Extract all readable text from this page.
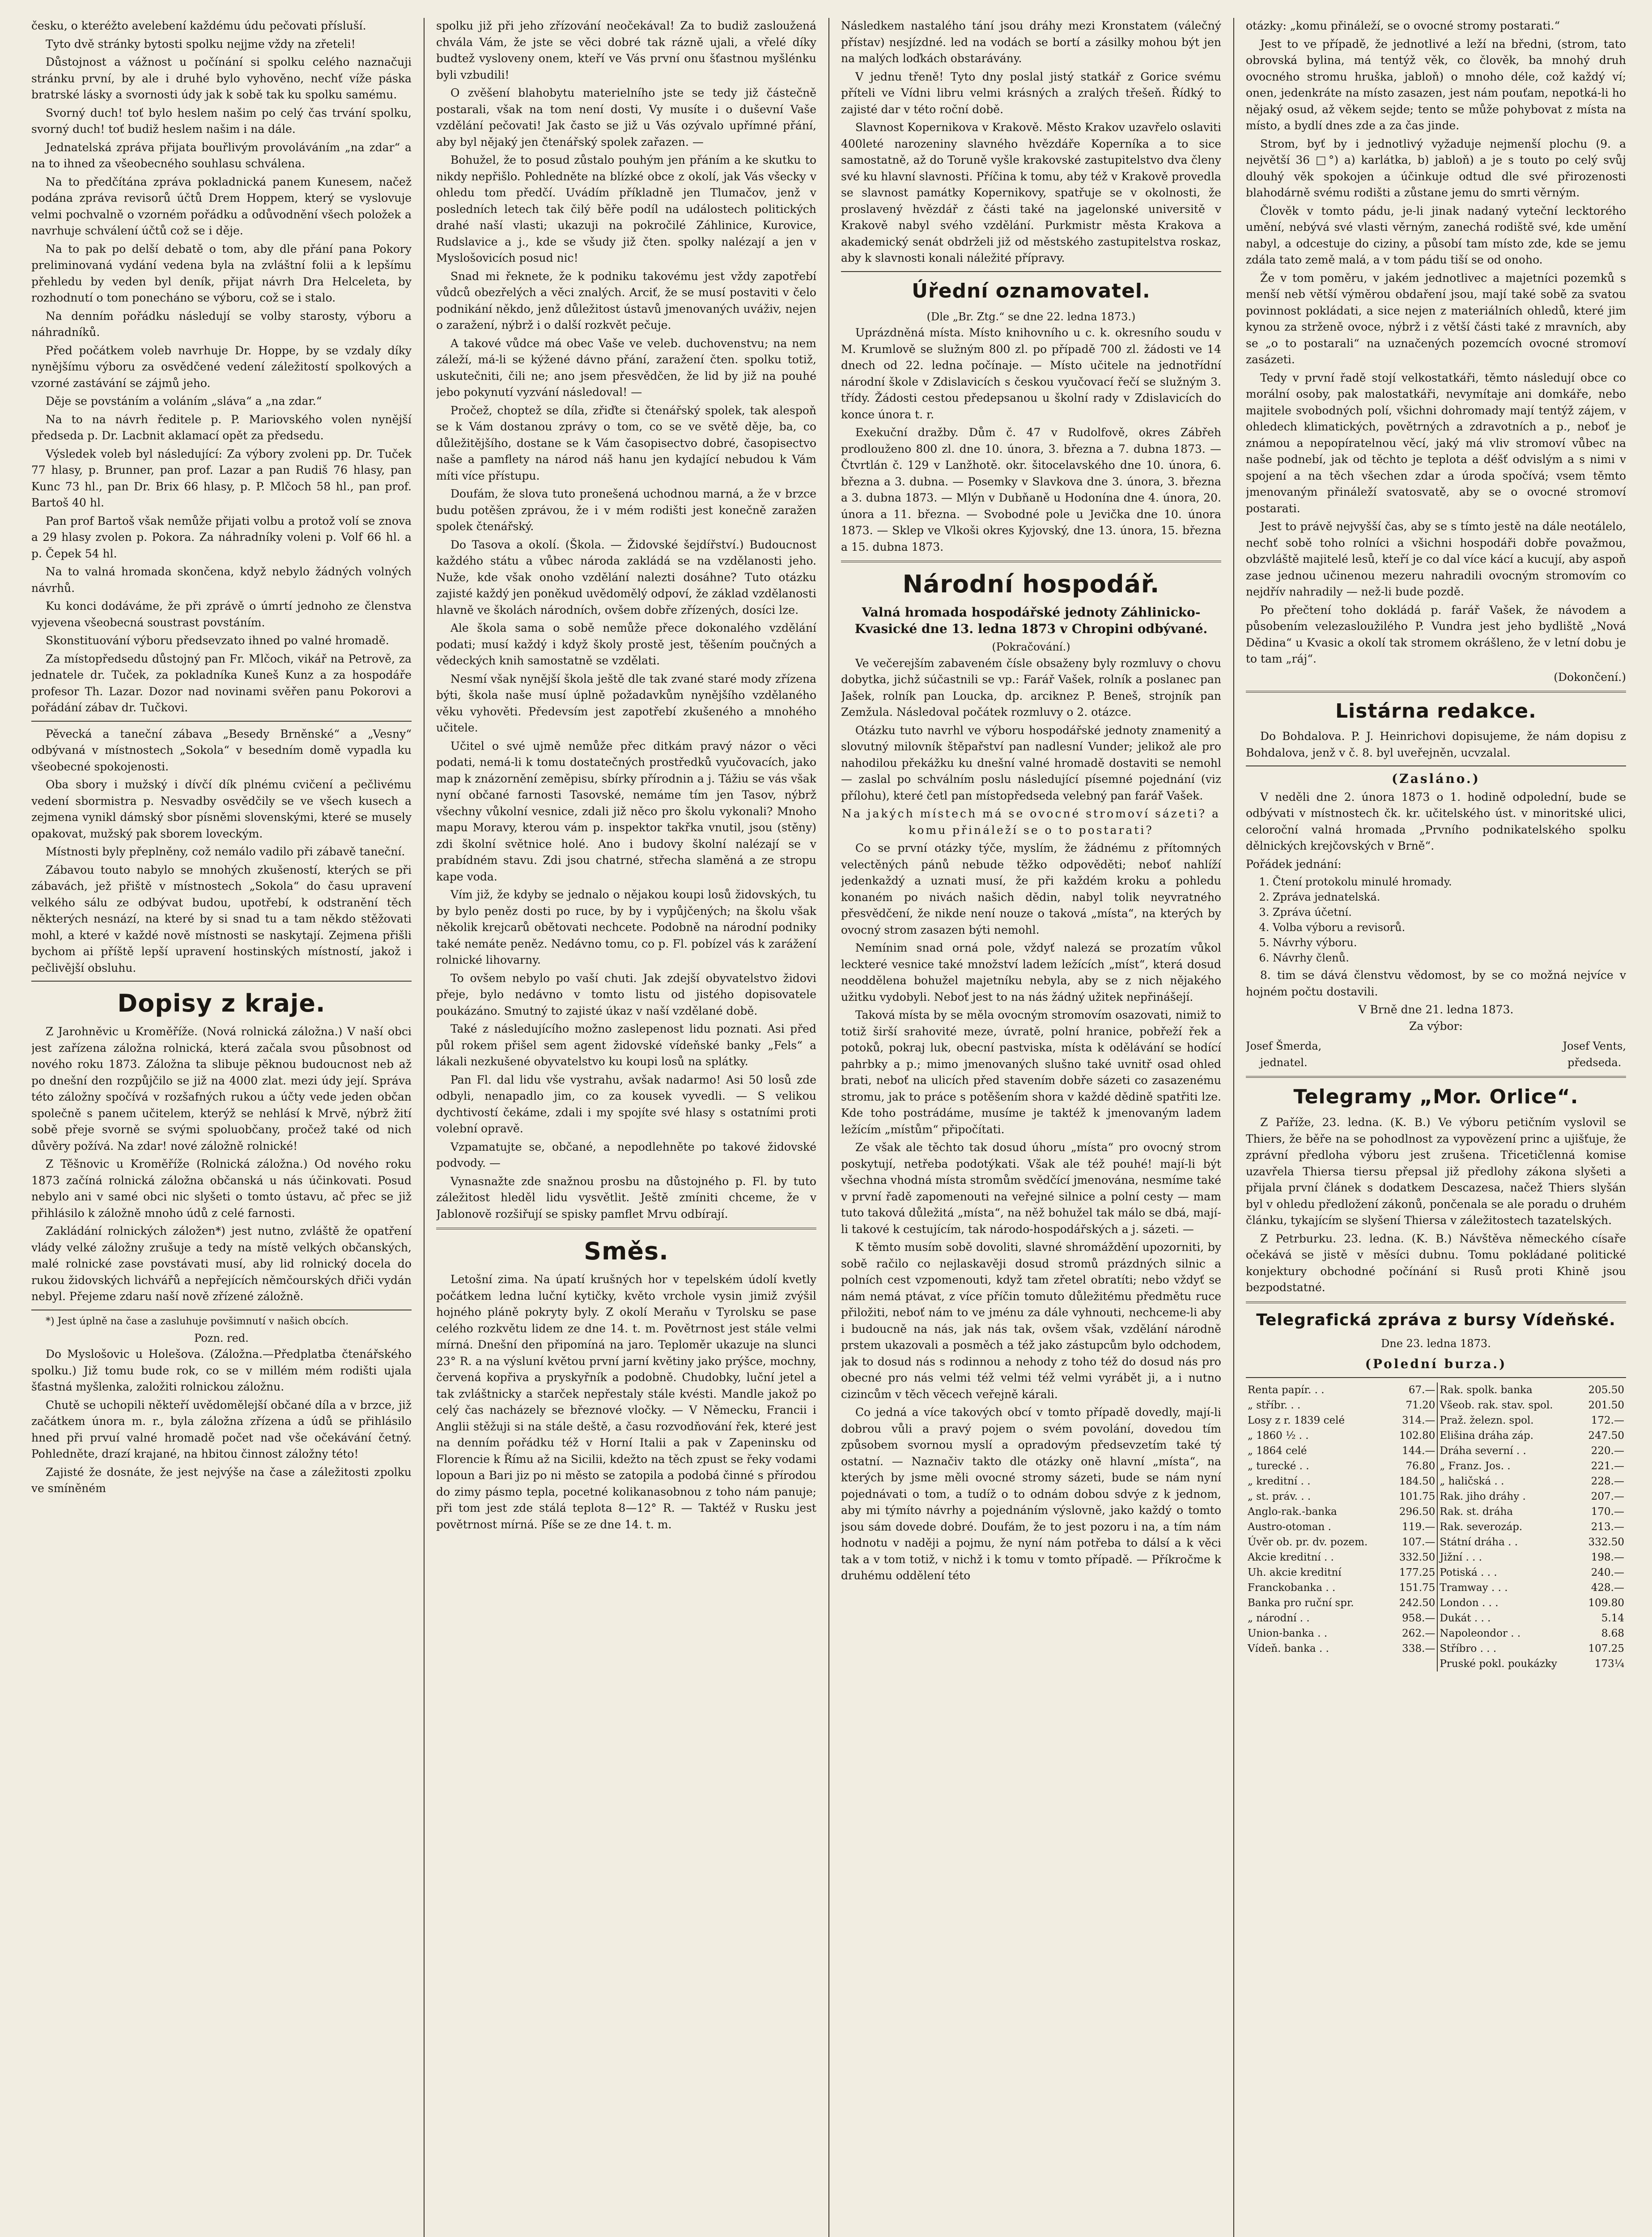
česku, o kteréžto avelebení každému údu pečovati přísluší.

Tyto dvě stránky bytosti spolku nejjme vždy na zřeteli!

Důstojnost a vážnost u počínání si spolku celého naznačuji stránku první, by ale i druhé bylo vyhověno, nechť víže páska bratrské lásky a svornosti údy jak k sobě tak ku spolku samému.

Svorný duch! toť bylo heslem našim po celý čas trvání spolku, svorný duch! toť budiž heslem našim i na dále.

Jednatelská zpráva přijata bouřlivým provoláváním „na zdar“ a na to ihned za všeobecného souhlasu schválena.

Na to předčítána zpráva pokladnická panem Kunesem, načež podána zpráva revisorů účtů Drem Hoppem, který se vyslovuje velmi pochvalně o vzorném pořádku a odůvodnění všech položek a navrhuje schválení účtů což se i děje.

Na to pak po delší debatě o tom, aby dle přání pana Pokory preliminovaná vydání vedena byla na zvláštní folii a k lepšímu přehledu by veden byl deník, přijat návrh Dra Helceleta, by rozhodnutí o tom ponecháno se výboru, což se i stalo.

Na denním pořádku následují se volby starosty, výboru a náhradníků.

Před počátkem voleb navrhuje Dr. Hoppe, by se vzdaly díky nynějšímu výboru za osvědčené vedení záležitostí spolkových a vzorné zastávání se zájmů jeho.

Děje se povstáním a voláním „sláva“ a „na zdar.“

Na to na návrh ředitele p. P. Mariovského volen nynější předseda p. Dr. Lacbnit aklamací opět za předsedu.

Výsledek voleb byl následující: Za výbory zvoleni pp. Dr. Tuček 77 hlasy, p. Brunner, pan prof. Lazar a pan Rudiš 76 hlasy, pan Kunc 73 hl., pan Dr. Brix 66 hlasy, p. P. Mlčoch 58 hl., pan prof. Bartoš 40 hl.

Pan prof Bartoš však nemůže přijati volbu a protož volí se znova a 29 hlasy zvolen p. Pokora. Za náhradníky voleni p. Volf 66 hl. a p. Čepek 54 hl.

Na to valná hromada skončena, když nebylo žádných volných návrhů.

Ku konci dodáváme, že při zprávě o úmrtí jednoho ze členstva vyjevena všeobecná soustrast povstáním.

Skonstituování výboru předsevzato ihned po valné hromadě.

Za místopředsedu důstojný pan Fr. Mlčoch, vikář na Petrově, za jednatele dr. Tuček, za pokladníka Kuneš Kunz a za hospodáře profesor Th. Lazar. Dozor nad novinami svěřen panu Pokorovi a pořádání zábav dr. Tučkovi.

Pěvecká a taneční zábava „Besedy Brněnské“ a „Vesny“ odbývaná v místnostech „Sokola“ v besedním domě vypadla ku všeobecné spokojenosti.

Oba sbory i mužský i dívčí dík plnému cvičení a pečlivému vedení sbormistra p. Nesvadby osvědčily se ve všech kusech a zejmena vynikl dámský sbor písněmi slovenskými, které se musely opakovat, mužský pak sborem loveckým.

Místnosti byly přeplněny, což nemálo vadilo při zábavě taneční.

Zábavou touto nabylo se mnohých zkušeností, kterých se při zábavách, jež přiště v místnostech „Sokola“ do času upravení velkého sálu ze odbývat budou, upotřebí, k odstranění těch některých nesnází, na které by si snad tu a tam někdo stěžovati mohl, a které v každé nově místnosti se naskytají. Zejmena přišli bychom ai příště lepší upravení hostinských místností, jakož i pečlivější obsluhu.

Dopisy z kraje.

Z Jarohněvic u Kroměříže. (Nová rolnická záložna.) V naší obci jest zařízena záložna rolnická, která začala svou působnost od nového roku 1873. Záložna ta slibuje pěknou budoucnost neb až po dnešní den rozpůjčilo se již na 4000 zlat. mezi údy její. Správa této záložny spočívá v rozšafných rukou a účty vede jeden občan společně s panem učitelem, kterýž se nehlásí k Mrvě, nýbrž žití sobě přeje svorně se svými spoluobčany, pročež také od nich důvěry požívá. Na zdar! nové záložně rolnické!

Z Těšnovic u Kroměříže (Rolnická záložna.) Od nového roku 1873 začíná rolnická záložna občanská u nás účinkovati. Posud nebylo ani v samé obci nic slyšeti o tomto ústavu, ač přec se již přihlásilo k záložně mnoho údů z celé farnosti.

Zakládání rolnických záložen*) jest nutno, zvláště že opatření vlády velké záložny zrušuje a tedy na místě velkých občanských, malé rolnické zase povstávati musí, aby lid rolnický docela do rukou židovských lichvářů a nepřejících němčourských dřiči vydán nebyl. Přejeme zdaru naší nově zřízené záložně.

*) Jest úplně na čase a zasluhuje povšimnutí v našich obcích.

Pozn. red.

Do Myslošovic u Holešova. (Záložna.—Předplatba čtenářského spolku.) Již tomu bude rok, co se v millém mém rodišti ujala šťastná myšlenka, založiti rolnickou záložnu.

Chutě se uchopili někteří uvědomělejší občané díla a v brzce, již začátkem února m. r., byla záložna zřízena a údů se přihlásilo hned při prvuí valné hromadě počet nad vše očekávání četný. Pohledněte, drazí krajané, na hbitou činnost záložny této!

Zajisté že dosnáte, že jest nejvýše na čase a záležitosti zpolku ve smíněném

spolku již při jeho zřízování neočekával! Za to budiž zasloužená chvála Vám, že jste se věci dobré tak rázně ujali, a vřelé díky budtež vysloveny onem, kteří ve Vás první onu šťastnou myšlénku byli vzbudili!

O zvěšení blahobytu materielního jste se tedy již částečně postarali, však na tom není dosti, Vy musíte i o duševní Vaše vzdělání pečovati! Jak často se již u Vás ozývalo upřímné přání, aby byl nějaký jen čtenářský spolek zařazen. —

Bohužel, že to posud zůstalo pouhým jen přáním a ke skutku to nikdy nepřišlo. Pohledněte na blízké obce z okolí, jak Vás všecky v ohledu tom předčí. Uvádím příkladně jen Tlumačov, jenž v posledních letech tak čilý běře podíl na událostech politických drahé naší vlasti; ukazuji na pokročilé Záhlinice, Kurovice, Rudslavice a j., kde se všudy již čten. spolky nalézají a jen v Myslošovicích posud nic!

Snad mi řeknete, že k podniku takovému jest vždy zapotřebí vůdců obezřelých a věci znalých. Arciť, že se musí postaviti v čelo podnikání někdo, jenž důležitost ústavů jmenovaných uváživ, nejen o zaražení, nýbrž i o další rozkvět pečuje.

A takové vůdce má obec Vaše ve veleb. duchovenstvu; na nem záleží, má-li se kýžené dávno přání, zaražení čten. spolku totiž, uskutečniti, čili ne; ano jsem přesvědčen, že lid by již na pouhé jebo pokynutí vyzvání následoval! —

Pročež, choptež se díla, zřiďte si čtenářský spolek, tak alespoň se k Vám dostanou zprávy o tom, co se ve světě děje, ba, co důležitějšího, dostane se k Vám časopisectvo dobré, časopisectvo naše a pamflety na národ náš hanu jen kydající nebudou k Vám míti více přístupu.

Doufám, že slova tuto pronešená uchodnou marná, a že v brzce budu potěšen zprávou, že i v mém rodišti jest konečně zaražen spolek čtenářský.

Do Tasova a okolí. (Škola. — Židovské šejdířství.) Budoucnost každého státu a vůbec národa zakládá se na vzdělanosti jeho. Nuže, kde však onoho vzdělání nalezti dosáhne? Tuto otázku zajisté každý jen poněkud uvědomělý odpoví, že základ vzdělanosti hlavně ve školách národních, ovšem dobře zřízených, dosíci lze.

Ale škola sama o sobě nemůže přece dokonalého vzdělání podati; musí každý i když školy prostě jest, těšením poučných a vědeckých knih samostatně se vzdělati.

Nesmí však nynější škola ještě dle tak zvané staré mody zřízena býti, škola naše musí úplně požadavkům nynějšího vzdělaného věku vyhověti. Předevsím jest zapotřebí zkušeného a mnohého učitele.

Učitel o své ujmě nemůže přec ditkám pravý názor o věci podati, nemá-li k tomu dostatečných prostředků vyučovacích, jako map k znázornění zeměpisu, sbírky přírodnin a j. Tážiu se vás však nyní občané farnosti Tasovské, nemáme tím jen Tasov, nýbrž všechny vůkolní vesnice, zdali již něco pro školu vykonali? Mnoho mapu Moravy, kterou vám p. inspektor takřka vnutil, jsou (stěny) zdi školní světnice holé. Ano i budovy školní nalézají se v prabídném stavu. Zdi jsou chatrné, střecha slaměná a ze stropu kape voda.

Vím již, že kdyby se jednalo o nějakou koupi losů židovských, tu by bylo peněz dosti po ruce, by by i vypůjčených; na školu však několik krejcarů obětovati nechcete. Podobně na národní podniky také nemáte peněz. Nedávno tomu, co p. Fl. pobízel vás k zarážení rolnické lihovarny.

To ovšem nebylo po vaší chuti. Jak zdejší obyvatelstvo židovi přeje, bylo nedávno v tomto listu od jistého dopisovatele poukázáno. Smutný to zajisté úkaz v naší vzdělané době.

Také z následujícího možno zaslepenost lidu poznati. Asi před půl rokem přišel sem agent židovské vídeňské banky „Fels“ a lákali nezkušené obyvatelstvo ku koupi losů na splátky.

Pan Fl. dal lidu vše vystrahu, avšak nadarmo! Asi 50 losů zde odbyli, nenapadlo jim, co za kousek vyvedli. — S velikou dychtivostí čekáme, zdali i my spojíte své hlasy s ostatními proti volební opravě.

Vzpamatujte se, občané, a nepodlehněte po takové židovské podvody. —

Vynasnažte zde snažnou prosbu na důstojného p. Fl. by tuto záležitost hleděl lidu vysvětlit. Ještě zmíniti chceme, že v Jablonově rozšiřují se spisky pamflet Mrvu odbírají.

Směs.

Letošní zima. Na úpatí krušných hor v tepelském údolí kvetly počátkem ledna luční kytičky, květo vrchole vysin jimiž zvýšil hojného pláně pokryty byly. Z okolí Meraňu v Tyrolsku se pase celého rozkvětu lidem ze dne 14. t. m. Povětrnost jest stále velmi mírná. Dnešní den připomíná na jaro. Teploměr ukazuje na slunci 23° R. a na výsluní květou první jarní květiny jako prýšce, mochny, červená kopřiva a pryskyřník a podobně. Chudobky, luční jetel a tak zvláštnicky a starček nepřestaly stále kvésti. Mandle jakož po celý čas nacházely se březnové vločky. — V Německu, Francii i Anglii stěžuji si na stále deště, a času rozvodňování řek, které jest na denním pořádku též v Horní Italii a pak v Zapeninsku od Florencie k Římu až na Sicilii, kdežto na těch zpust se řeky vodami lopoun a Bari jiz po ni město se zatopila a podobá činné s přírodou do zimy pásmo tepla, pocetné kolikanasobnou z toho nám panuje; při tom jest zde stálá teplota 8—12° R. — Taktéž v Rusku jest povětrnost mírná. Píše se ze dne 14. t. m.

Následkem nastalého tání jsou dráhy mezi Kronstatem (válečný přístav) nesjízdné. led na vodách se bortí a zásilky mohou být jen na malých loďkách obstarávány.

V jednu třeně! Tyto dny poslal jistý statkář z Gorice svému příteli ve Vídni libru velmi krásných a zralých třešeň. Řídký to zajisté dar v této roční době.

Slavnost Kopernikova v Krakově. Město Krakov uzavřelo oslaviti 400leté narozeniny slavného hvězdáře Koperníka a to sice samostatně, až do Toruně vyšle krakovské zastupitelstvo dva členy své ku hlavní slavnosti. Příčina k tomu, aby též v Krakově provedla se slavnost památky Kopernikovy, spatřuje se v okolnosti, že proslavený hvězdář z části také na jagelonské universitě v Krakově nabyl svého vzdělání. Purkmistr města Krakova a akademický senát obdrželi již od městského zastupitelstva roskaz, aby k slavnosti konali náležité přípravy.

Úřední oznamovatel.
(Dle „Br. Ztg.“ se dne 22. ledna 1873.)

Uprázdněná místa. Místo knihovního u c. k. okresního soudu v M. Krumlově se služným 800 zl. po případě 700 zl. žádosti ve 14 dnech od 22. ledna počínaje. — Místo učitele na jednotřídní národní škole v Zdislavicích s českou vyučovací řečí se služným 3. třídy. Žádosti cestou předepsanou u školní rady v Zdislavicích do konce února t. r.

Exekuční dražby. Dům č. 47 v Rudolfově, okres Zábřeh prodlouženo 800 zl. dne 10. února, 3. března a 7. dubna 1873. — Čtvrtlán č. 129 v Lanžhotě. okr. šitocelavského dne 10. února, 6. března a 3. dubna. — Posemky v Slavkova dne 3. února, 3. března a 3. dubna 1873. — Mlýn v Dubňaně u Hodonína dne 4. února, 20. února a 11. března. — Svobodné pole u Jevička dne 10. února 1873. — Sklep ve Vlkoši okres Kyjovský, dne 13. února, 15. března a 15. dubna 1873.

Národní hospodář.
Valná hromada hospodářské jednoty Záhlinicko-Kvasické dne 13. ledna 1873 v Chropini odbývané.
(Pokračování.)

Ve večerejším zabaveném čísle obsaženy byly rozmluvy o chovu dobytka, jichž súčastnili se vp.: Farář Vašek, rolník a poslanec pan Jašek, rolník pan Loucka, dp. arciknez P. Beneš, strojník pan Zemžula. Následoval počátek rozmluvy o 2. otázce.

Otázku tuto navrhl ve výboru hospodářské jednoty znamenitý a slovutný milovník štěpařství pan nadlesní Vunder; jelikož ale pro nahodilou překážku ku dnešní valné hromadě dostaviti se nemohl — zaslal po schválním poslu následující písemné pojednání (viz přílohu), které četl pan místopředseda velebný pan farář Vašek.

Na jakých místech má se ovocné stromoví sázeti? a komu přináleží se o to postarati?

Co se první otázky týče, myslím, že žádnému z přítomných velectěných pánů nebude těžko odpověděti; neboť nahlíží jedenkaždý a uznati musí, že při každém kroku a pohledu konaném po nivách našich dědin, nabyl tolik neyvratného přesvědčení, že nikde není nouze o taková „místa“, na kterých by ovocný strom zasazen býti nemohl.

Nemínim snad orná pole, vždyť nalezá se prozatím vůkol leckteré vesnice také množství ladem ležících „míst“, která dosud neoddělena bohužel majetníku nebyla, aby se z nich nějakého užitku vydobyli. Neboť jest to na nás žádný užitek nepřinášejí.

Taková místa by se měla ovocným stromovím osazovati, nimiž to totiž širší srahovité meze, úvratě, polní hranice, pobřeží řek a potoků, pokraj luk, obecní pastviska, místa k odělávání se hodící pahrbky a p.; mimo jmenovaných slušno také uvnitř osad ohled brati, neboť na ulicích před stavením dobře sázeti co zasazenému stromu, jak to práce s potěšením shora v každé dědině spatřiti lze. Kde toho postrádáme, musíme je taktéž k jmenovaným ladem ležícím „místům“ připočítati.

Ze však ale těchto tak dosud úhoru „místa“ pro ovocný strom poskytují, netřeba podotýkati. Však ale též pouhé! mají-li být všechna vhodná místa stromům svědčící jmenována, nesmíme také v první řadě zapomenouti na veřejné silnice a polní cesty — mam tuto taková důležitá „místa“, na něž bohužel tak málo se dbá, mají-li takové k cestujícím, tak národo-hospodářských a j. sázeti. —

K těmto musím sobě dovoliti, slavné shromáždění upozorniti, by sobě račilo co nejlaskavěji dosud stromů prázdných silnic a polních cest vzpomenouti, když tam zřetel obratíti; nebo vždyť se nám nemá ptávat, z více příčin tomuto důležitému předmětu ruce přiložiti, neboť nám to ve jménu za dále vyhnouti, nechceme-li aby i budoucně na nás, jak nás tak, ovšem však, vzdělání národně prstem ukazovali a posměch a též jako zástupcům bylo odchodem, jak to dosud nás s rodinnou a nehody z toho též do dosud nás pro obecné pro nás velmi též velmi též velmi vyrábět ji, a i nutno cizincům v těch věcech veřejně kárali.

Co jedná a více takových obcí v tomto případě dovedly, mají-li dobrou vůli a pravý pojem o svém povolání, dovedou tím způsobem svornou myslí a opradovým předsevzetím také tý ostatní. — Naznačiv takto dle otázky oně hlavní „místa“, na kterých by jsme měli ovocné stromy sázeti, bude se nám nyní pojednávati o tom, a tudíž o to odnám dobou sdvýe z k jednom, aby mi týmíto návrhy a pojednáním výslovně, jako každý o tomto jsou sám dovede dobré. Doufám, že to jest pozoru i na, a tím nám hodnotu v naději a pojmu, že nyní nám potřeba to dálsí a k věci tak a v tom totiž, v nichž i k tomu v tomto případě. — Příkročme k druhému oddělení této

otázky: „komu přináleží, se o ovocné stromy postarati.“

Jest to ve případě, že jednotlivé a leží na bředni, (strom, tato obrovská bylina, má tentýž věk, co člověk, ba mnohý druh ovocného stromu hruška, jabloň) o mnoho déle, což každý ví; onen, jedenkráte na místo zasazen, jest nám pouťam, nepotká-li ho nějaký osud, až věkem sejde; tento se může pohybovat z místa na místo, a bydlí dnes zde a za čas jinde.

Strom, byť by i jednotlivý vyžaduje nejmenší plochu (9. a největší 36 □°) a) karlátka, b) jabloň) a je s touto po celý svůj dlouhý věk spokojen a účinkuje odtud dle své přirozenosti blahodárně svému rodišti a zůstane jemu do smrti věrným.

Člověk v tomto pádu, je-li jinak nadaný vyteční lecktorého umění, nebývá své vlasti věrným, zanechá rodiště své, kde umění nabyl, a odcestuje do ciziny, a působí tam místo zde, kde se jemu zdála tato země malá, a v tom pádu tiší se od onoho.

Že v tom poměru, v jakém jednotlivec a majetníci pozemků s menší neb větší výměrou obdaření jsou, mají také sobě za svatou povinnost pokládati, a sice nejen z materiálních ohledů, které jim kynou za strženě ovoce, nýbrž i z větší části také z mravních, aby se „o to postarali“ na uznačených pozemcích ovocné stromoví zasázeti.

Tedy v první řadě stojí velkostatkáři, těmto následují obce co morální osoby, pak malostatkáři, nevymítaje ani domkáře, nebo majitele svobodných polí, všichni dohromady mají tentýž zájem, v ohledech klimatických, povětrných a zdravotních a p., neboť je známou a nepopíratelnou věcí, jaký má vliv stromoví vůbec na naše podnebí, jak od těchto je teplota a déšť odvislým a s nimi v spojení a na těch všechen zdar a úroda spočívá; vsem těmto jmenovaným přináleží svatosvatě, aby se o ovocné stromoví postarati.

Jest to právě nejvyšší čas, aby se s tímto jestě na dále neotálelo, nechť sobě toho rolníci a všichni hospodáři dobře považmou, obzvláště majitelé lesů, kteří je co dal více kácí a kucují, aby aspoň zase jednou učinenou mezeru nahradili ovocným stromovím co nejdřív nahradily — než-li bude pozdě.

Po přečtení toho dokládá p. farář Vašek, že návodem a působením velezasloužilého P. Vundra jest jeho bydliště „Nová Dědina“ u Kvasic a okolí tak stromem okrášleno, že v letní dobu je to tam „ráj“.

(Dokončení.)
Listárna redakce.

Do Bohdalova. P. J. Heinrichovi dopisujeme, že nám dopisu z Bohdalova, jenž v č. 8. byl uveřejněn, ucvzalal.

(Zasláno.)

V neděli dne 2. února 1873 o 1. hodině odpolední, bude se odbývati v místnostech čk. kr. učitelského úst. v minoritské ulici, celoroční valná hromada „Prvního podnikatelského spolku dělnických krejčovských v Brně“.

Pořádek jednání:

1. Čtení protokolu minulé hromady.
2. Zpráva jednatelská.
3. Zpráva účetní.
4. Volba výboru a revisorů.
5. Návrhy výboru.
6. Návrhy členů.

8. tim se dává členstvu vědomost, by se co možná nejvíce v hojném počtu dostavili.

V Brně dne 21. ledna 1873.
Za výbor:
Josef Šmerda,
jednatel.
Josef Vents,
předseda.
Telegramy „Mor. Orlice“.

Z Paříže, 23. ledna. (K. B.) Ve výboru petičním vyslovil se Thiers, že běře na se pohodlnost za vypovězení princ a ujišťuje, že zprávní předloha výboru jest zrušena. Třicetičlenná komise uzavřela Thiersa tiersu přepsal již předlohy zákona slyšeti a přijala první článek s dodatkem Descazesa, načež Thiers slyšán byl v ohledu předložení zákonů, pončenala se ale poradu o druhém článku, tykajícím se slyšení Thiersa v záležitostech tazatelských.

Z Petrburku. 23. ledna. (K. B.) Návštěva německého císaře očekává se jistě v měsíci dubnu. Tomu pokládané politické konjektury obchodné počínání si Rusů proti Khině jsou bezpodstatné.

Telegrafická zpráva z bursy Vídeňské.
Dne 23. ledna 1873.
(Polední burza.)
Renta papír. . .	67.—	Rak. spolk. banka	205.50
„ stříbr. . .	71.20	Všeob. rak. stav. spol.	201.50
Losy z r. 1839 celé	314.—	Praž. železn. spol.	172.—
„ 1860 ½ . .	102.80	Elišina dráha záp.	247.50
„ 1864 celé	144.—	Dráha severní . .	220.—
„ turecké . .	76.80	„ Franz. Jos. .	221.—
„ kreditní . .	184.50	„ haličská . .	228.—
„ st. práv. . .	101.75	Rak. jiho dráhy .	207.—
Anglo-rak.-banka	296.50	Rak. st. dráha	170.—
Austro-otoman .	119.—	Rak. severozáp.	213.—
Úvěr ob. pr. dv. pozem.	107.—	Státní dráha . .	332.50
Akcie kreditní . .	332.50	Jižní . . .	198.—
Uh. akcie kreditní	177.25	Potiská . . .	240.—
Franckobanka . .	151.75	Tramway . . .	428.—
Banka pro ruční spr.	242.50	London . . .	109.80
„ národní . .	958.—	Dukát . . .	5.14
Union-banka . .	262.—	Napoleondor . .	8.68
Vídeň. banka . .	338.—	Stříbro . . .	107.25
		Pruské pokl. poukázky	173¼
